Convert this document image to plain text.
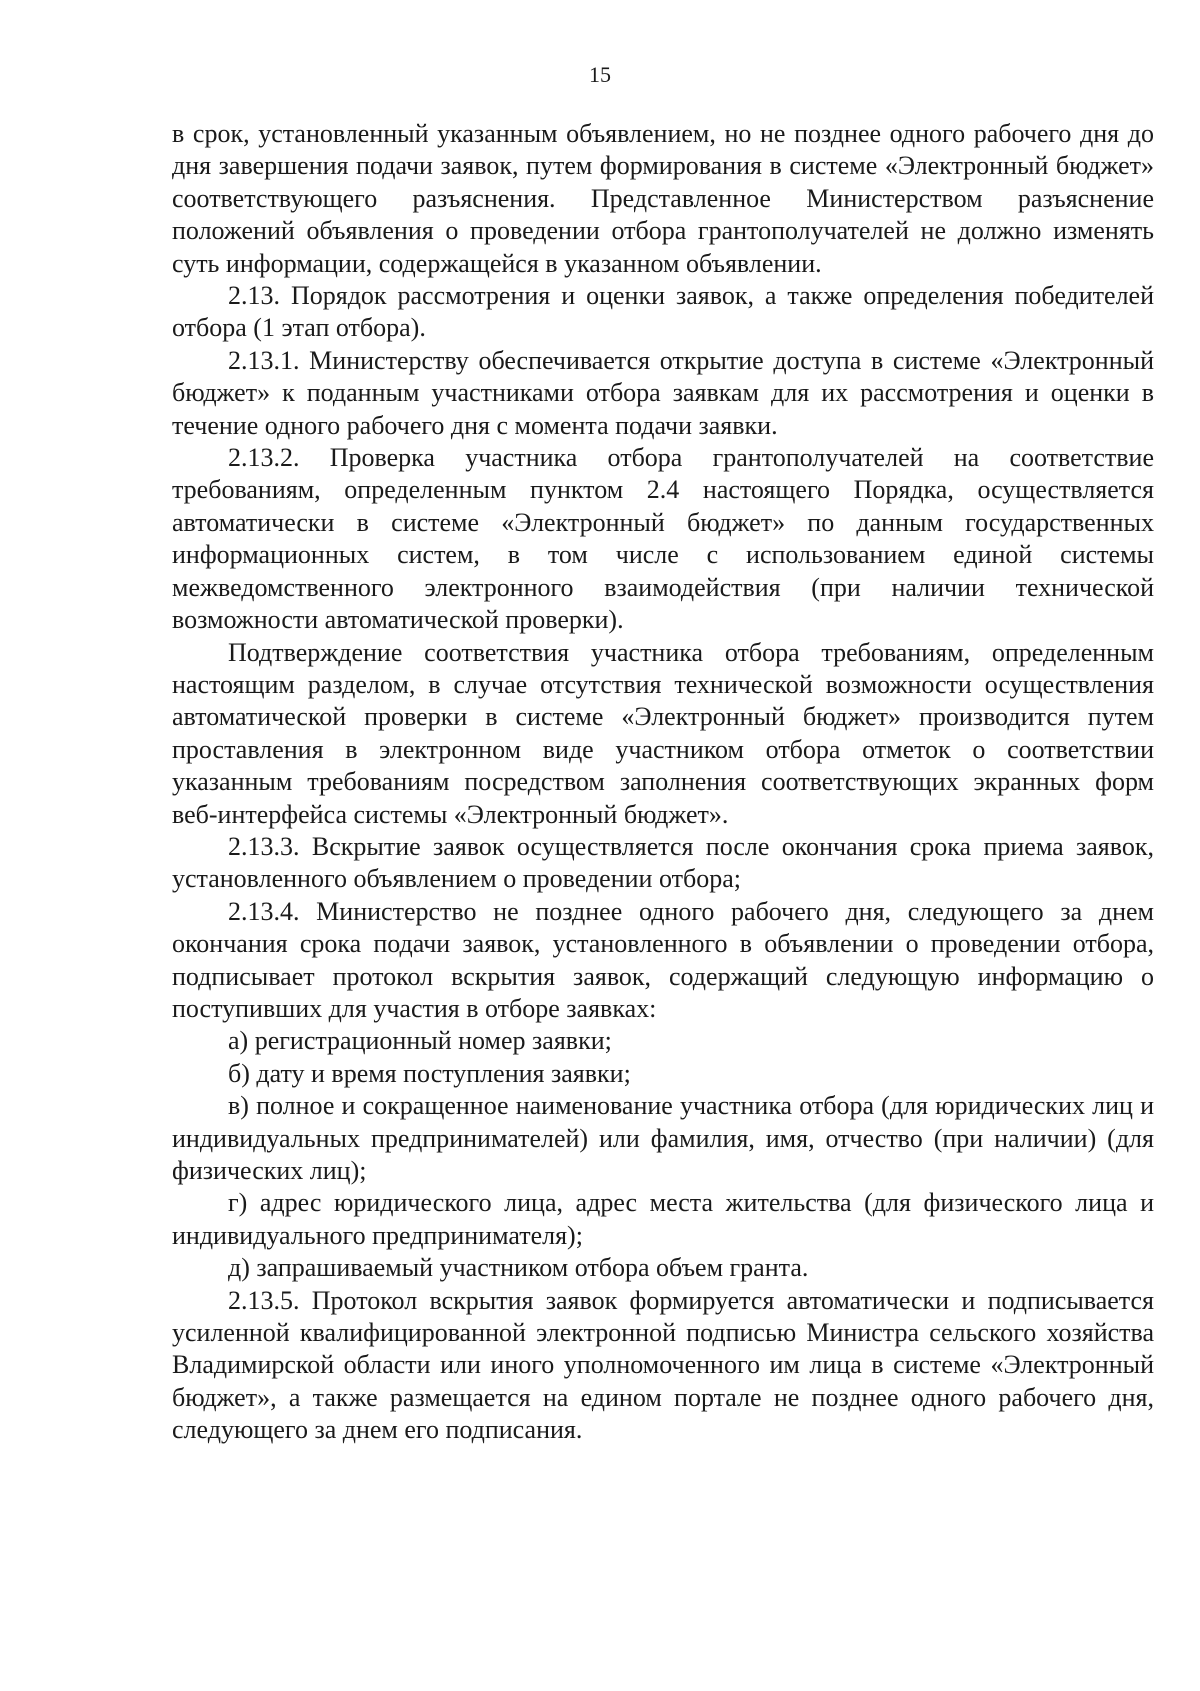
15

в срок, установленный указанным объявлением, но не позднее одного рабочего дня до дня завершения подачи заявок, путем формирования в системе «Электронный бюджет» соответствующего разъяснения. Представленное Министерством разъяснение положений объявления о проведении отбора грантополучателей не должно изменять суть информации, содержащейся в указанном объявлении.

2.13. Порядок рассмотрения и оценки заявок, а также определения победителей отбора (1 этап отбора).

2.13.1. Министерству обеспечивается открытие доступа в системе «Электронный бюджет» к поданным участниками отбора заявкам для их рассмотрения и оценки в течение одного рабочего дня с момента подачи заявки.

2.13.2. Проверка участника отбора грантополучателей на соответствие требованиям, определенным пунктом 2.4 настоящего Порядка, осуществляется автоматически в системе «Электронный бюджет» по данным государственных информационных систем, в том числе с использованием единой системы межведомственного электронного взаимодействия (при наличии технической возможности автоматической проверки).

Подтверждение соответствия участника отбора требованиям, определенным настоящим разделом, в случае отсутствия технической возможности осуществления автоматической проверки в системе «Электронный бюджет» производится путем проставления в электронном виде участником отбора отметок о соответствии указанным требованиям посредством заполнения соответствующих экранных форм веб-интерфейса системы «Электронный бюджет».

2.13.3. Вскрытие заявок осуществляется после окончания срока приема заявок, установленного объявлением о проведении отбора;

2.13.4. Министерство не позднее одного рабочего дня, следующего за днем окончания срока подачи заявок, установленного в объявлении о проведении отбора, подписывает протокол вскрытия заявок, содержащий следующую информацию о поступивших для участия в отборе заявках:

а) регистрационный номер заявки;

б) дату и время поступления заявки;

в) полное и сокращенное наименование участника отбора (для юридических лиц и индивидуальных предпринимателей) или фамилия, имя, отчество (при наличии) (для физических лиц);

г) адрес юридического лица, адрес места жительства (для физического лица и индивидуального предпринимателя);

д) запрашиваемый участником отбора объем гранта.

2.13.5. Протокол вскрытия заявок формируется автоматически и подписывается усиленной квалифицированной электронной подписью Министра сельского хозяйства Владимирской области или иного уполномоченного им лица в системе «Электронный бюджет», а также размещается на едином портале не позднее одного рабочего дня, следующего за днем его подписания.
